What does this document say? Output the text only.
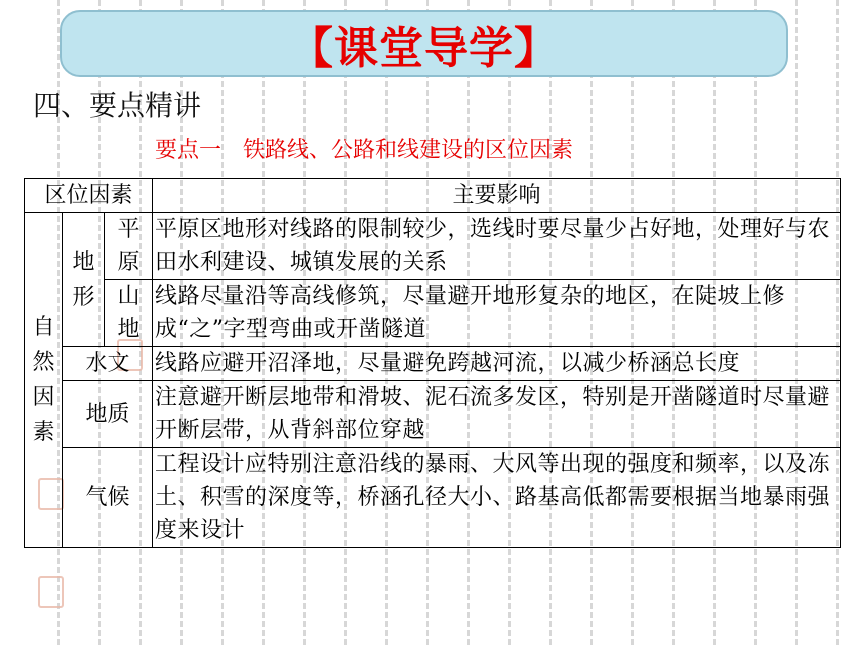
【课堂导学】
四、要点精讲
要点一　铁路线、公路和线建设的区位因素
区位因素			主要影响
自然因素	地形	平原	平原区地形对线路的限制较少，选线时要尽量少占好地，处理好与农田水利建设、城镇发展的关系
		山地	线路尽量沿等高线修筑，尽量避开地形复杂的地区，在陡坡上修成“之”字型弯曲或开凿隧道
	水文		线路应避开沼泽地，尽量避免跨越河流，以减少桥涵总长度
	地质		注意避开断层地带和滑坡、泥石流多发区，特别是开凿隧道时尽量避开断层带，从背斜部位穿越
	气候		工程设计应特别注意沿线的暴雨、大风等出现的强度和频率，以及冻土、积雪的深度等，桥涵孔径大小、路基高低都需要根据当地暴雨强度来设计
